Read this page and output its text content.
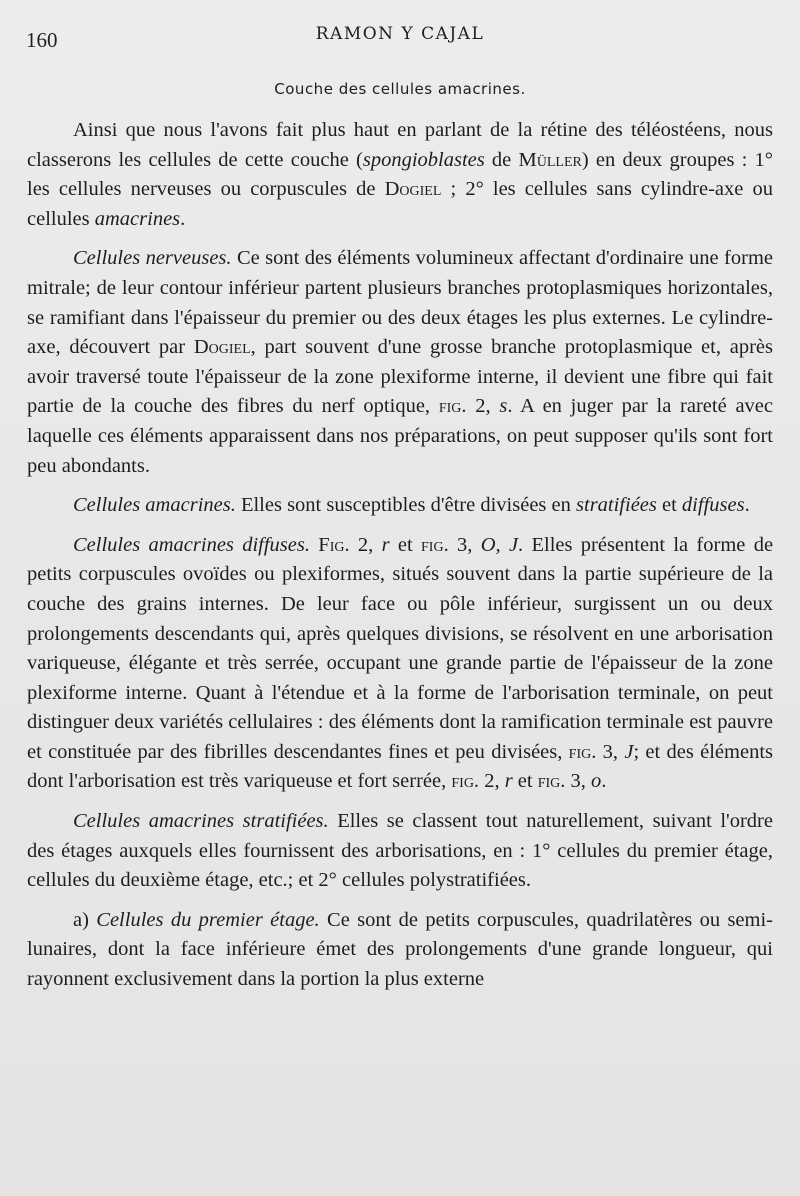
160	RAMON Y CAJAL
Couche des cellules amacrines.

Ainsi que nous l'avons fait plus haut en parlant de la rétine des téléostéens, nous classerons les cellules de cette couche (spongioblastes de Müller) en deux groupes : 1° les cellules nerveuses ou corpuscules de Dogiel ; 2° les cellules sans cylindre-axe ou cellules amacrines.

Cellules nerveuses. Ce sont des éléments volumineux affectant d'ordinaire une forme mitrale; de leur contour inférieur partent plusieurs branches protoplasmiques horizontales, se ramifiant dans l'épaisseur du premier ou des deux étages les plus externes. Le cylindre-axe, découvert par Dogiel, part souvent d'une grosse branche protoplasmique et, après avoir traversé toute l'épaisseur de la zone plexiforme interne, il devient une fibre qui fait partie de la couche des fibres du nerf optique, fig. 2, s. A en juger par la rareté avec laquelle ces éléments apparaissent dans nos préparations, on peut supposer qu'ils sont fort peu abondants.

Cellules amacrines. Elles sont susceptibles d'être divisées en stratifiées et diffuses.

Cellules amacrines diffuses. Fig. 2, r et fig. 3, O, J. Elles présentent la forme de petits corpuscules ovoïdes ou plexiformes, situés souvent dans la partie supérieure de la couche des grains internes. De leur face ou pôle inférieur, surgissent un ou deux prolongements descendants qui, après quelques divisions, se résolvent en une arborisation variqueuse, élégante et très serrée, occupant une grande partie de l'épaisseur de la zone plexiforme interne. Quant à l'étendue et à la forme de l'arborisation terminale, on peut distinguer deux variétés cellulaires : des éléments dont la ramification terminale est pauvre et constituée par des fibrilles descendantes fines et peu divisées, fig. 3, J; et des éléments dont l'arborisation est très variqueuse et fort serrée, fig. 2, r et fig. 3, o.

Cellules amacrines stratifiées. Elles se classent tout naturellement, suivant l'ordre des étages auxquels elles fournissent des arborisations, en : 1° cellules du premier étage, cellules du deuxième étage, etc.; et 2° cellules polystratifiées.

a) Cellules du premier étage. Ce sont de petits corpuscules, quadrilatères ou semi-lunaires, dont la face inférieure émet des prolongements d'une grande longueur, qui rayonnent exclusivement dans la portion la plus externe
